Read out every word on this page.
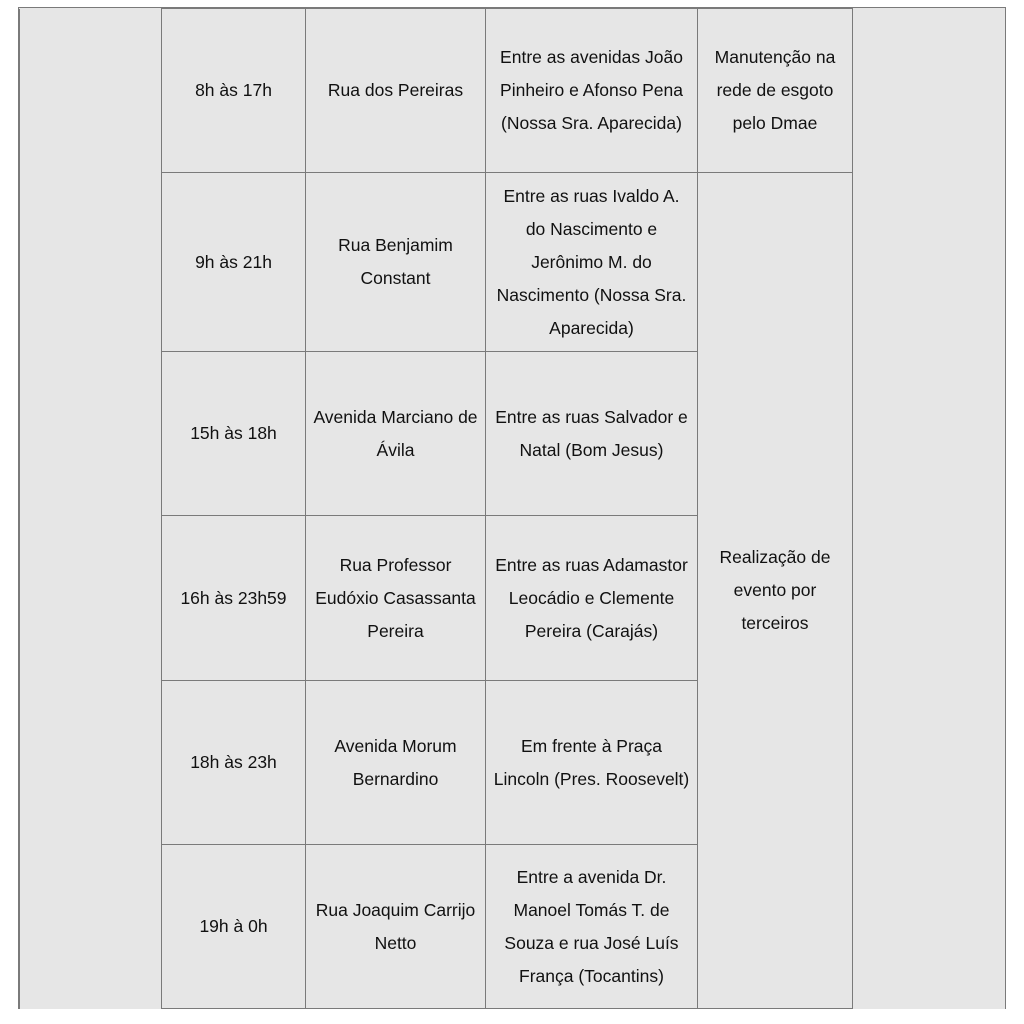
	8h às 17h	Rua dos Pereiras	Entre as avenidas João Pinheiro e Afonso Pena (Nossa Sra. Aparecida)	Manutenção na rede de esgoto pelo Dmae	
	9h às 21h	Rua Benjamim Constant	Entre as ruas Ivaldo A. do Nascimento e Jerônimo M. do Nascimento (Nossa Sra. Aparecida)	Realização de evento por terceiros	
	15h às 18h	Avenida Marciano de Ávila	Entre as ruas Salvador e Natal (Bom Jesus)		
	16h às 23h59	Rua Professor Eudóxio Casassanta Pereira	Entre as ruas Adamastor Leocádio e Clemente Pereira (Carajás)		
	18h às 23h	Avenida Morum Bernardino	Em frente à Praça Lincoln (Pres. Roosevelt)		
	19h à 0h	Rua Joaquim Carrijo Netto	Entre a avenida Dr. Manoel Tomás T. de Souza e rua José Luís França (Tocantins)		
